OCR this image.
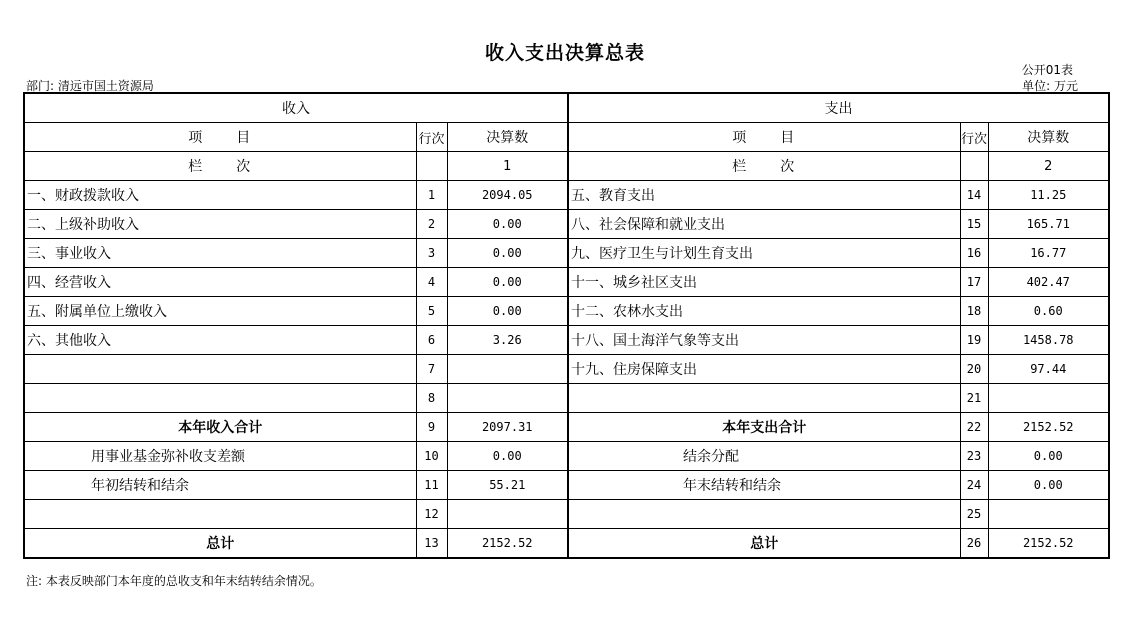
收入支出决算总表
公开01表
部门: 清远市国土资源局	单位: 万元
收入			支出		
项　　目	行次	决算数	项　　目	行次	决算数
栏　　次		1	栏　　次		2
一、财政拨款收入	1	2094.05	五、教育支出	14	11.25
二、上级补助收入	2	0.00	八、社会保障和就业支出	15	165.71
三、事业收入	3	0.00	九、医疗卫生与计划生育支出	16	16.77
四、经营收入	4	0.00	十一、城乡社区支出	17	402.47
五、附属单位上缴收入	5	0.00	十二、农林水支出	18	0.60
六、其他收入	6	3.26	十八、国土海洋气象等支出	19	1458.78
	7		十九、住房保障支出	20	97.44
	8			21	
本年收入合计	9	2097.31	本年支出合计	22	2152.52
用事业基金弥补收支差额	10	0.00	结余分配	23	0.00
年初结转和结余	11	55.21	年末结转和结余	24	0.00
	12			25	
总计	13	2152.52	总计	26	2152.52
注: 本表反映部门本年度的总收支和年末结转结余情况。
